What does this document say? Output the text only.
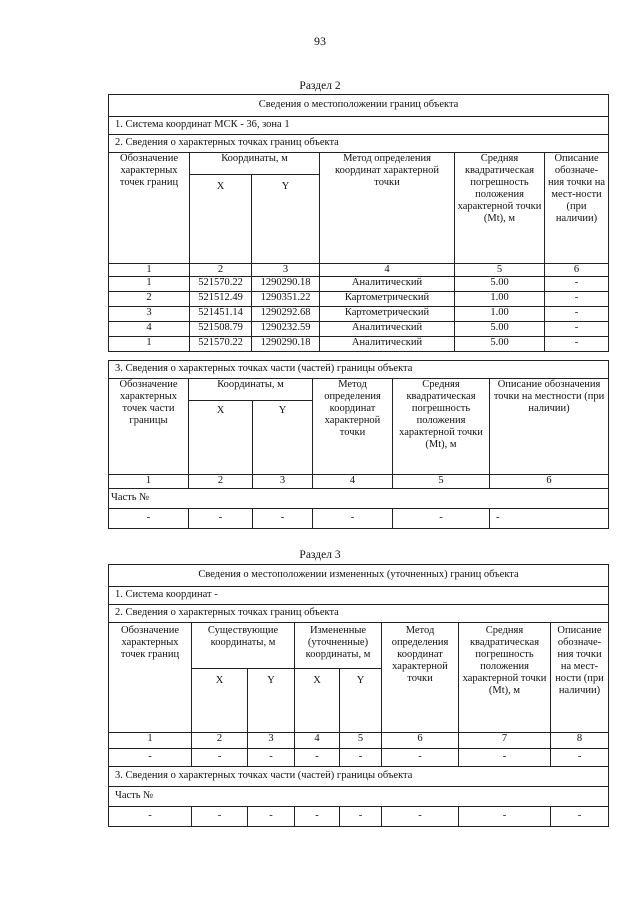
93
Раздел 2
Сведения о местоположении границ объекта					
1. Система координат МСК - 36, зона 1					
2. Сведения о характерных точках границ объекта					
Обозначение характерных точек границ	Координаты, м		Метод определения координат характерной точки	Средняя квадратическая погрешность положения характерной точки (Mt), м	Описание обозначе-ния точки на мест-ности (при наличии)
	X	Y			
1	2	3	4	5	6
1	521570.22	1290290.18	Аналитический	5.00	-
2	521512.49	1290351.22	Картометрический	1.00	-
3	521451.14	1290292.68	Картометрический	1.00	-
4	521508.79	1290232.59	Аналитический	5.00	-
1	521570.22	1290290.18	Аналитический	5.00	-
3. Сведения о характерных точках части (частей) границы объекта					
Обозначение характерных точек части границы	Координаты, м		Метод определения координат характерной точки	Средняя квадратическая погрешность положения характерной точки (Mt), м	Описание обозначения точки на местности (при наличии)
	X	Y			
1	2	3	4	5	6
Часть №					
-	-	-	-	-	-
Раздел 3
Сведения о местоположении измененных (уточненных) границ объекта							
1. Система координат -							
2. Сведения о характерных точках границ объекта							
Обозначение характерных точек границ	Существующие координаты, м		Измененные (уточненные) координаты, м		Метод определения координат характерной точки	Средняя квадратическая погрешность положения характерной точки (Mt), м	Описание обозначе-ния точки на мест-ности (при наличии)
	X	Y	X	Y			
1	2	3	4	5	6	7	8
-	-	-	-	-	-	-	-
3. Сведения о характерных точках части (частей) границы объекта							
Часть №							
-	-	-	-	-	-	-	-
